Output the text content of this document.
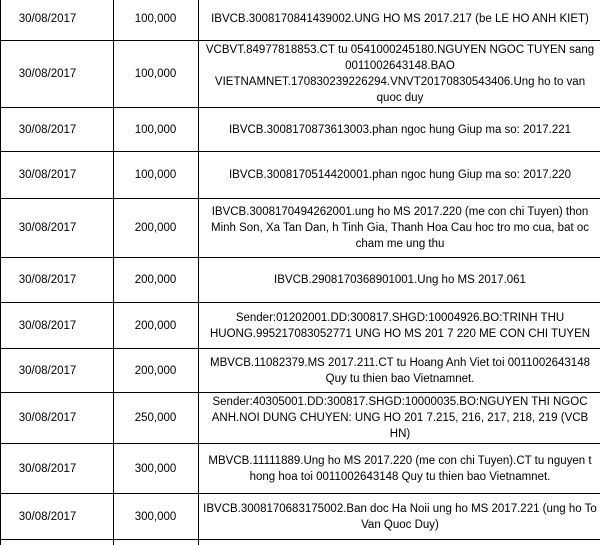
30/08/2017	100,000	IBVCB.3008170841439002.UNG HO MS 2017.217 (be LE HO ANH KIET)
30/08/2017	100,000	VCBVT.84977818853.CT tu 0541000245180.NGUYEN NGOC TUYEN sang 0011002643148.BAO VIETNAMNET.170830239226294.VNVT20170830543406.Ung ho to van quoc duy
30/08/2017	100,000	IBVCB.3008170873613003.phan ngoc hung Giup ma so: 2017.221
30/08/2017	100,000	IBVCB.3008170514420001.phan ngoc hung Giup ma so: 2017.220
30/08/2017	200,000	IBVCB.3008170494262001.ung ho MS 2017.220 (me con chi Tuyen) thon Minh Son, Xa Tan Dan, h Tinh Gia, Thanh Hoa Cau hoc tro mo cua, bat oc cham me ung thu
30/08/2017	200,000	IBVCB.2908170368901001.Ung ho MS 2017.061
30/08/2017	200,000	Sender:01202001.DD:300817.SHGD:10004926.BO:TRINH THU HUONG.995217083052771 UNG HO MS 201 7 220 ME CON CHI TUYEN
30/08/2017	200,000	MBVCB.11082379.MS 2017.211.CT tu Hoang Anh Viet toi 0011002643148 Quy tu thien bao Vietnamnet.
30/08/2017	250,000	Sender:40305001.DD:300817.SHGD:10000035.BO:NGUYEN THI NGOC ANH.NOI DUNG CHUYEN: UNG HO 201 7.215, 216, 217, 218, 219 (VCB HN)
30/08/2017	300,000	MBVCB.11111889.Ung ho MS 2017.220 (me con chi Tuyen).CT tu nguyen t hong hoa toi 0011002643148 Quy tu thien bao Vietnamnet.
30/08/2017	300,000	IBVCB.3008170683175002.Ban doc Ha Noii ung ho MS 2017.221 (ung ho To Van Quoc Duy)
